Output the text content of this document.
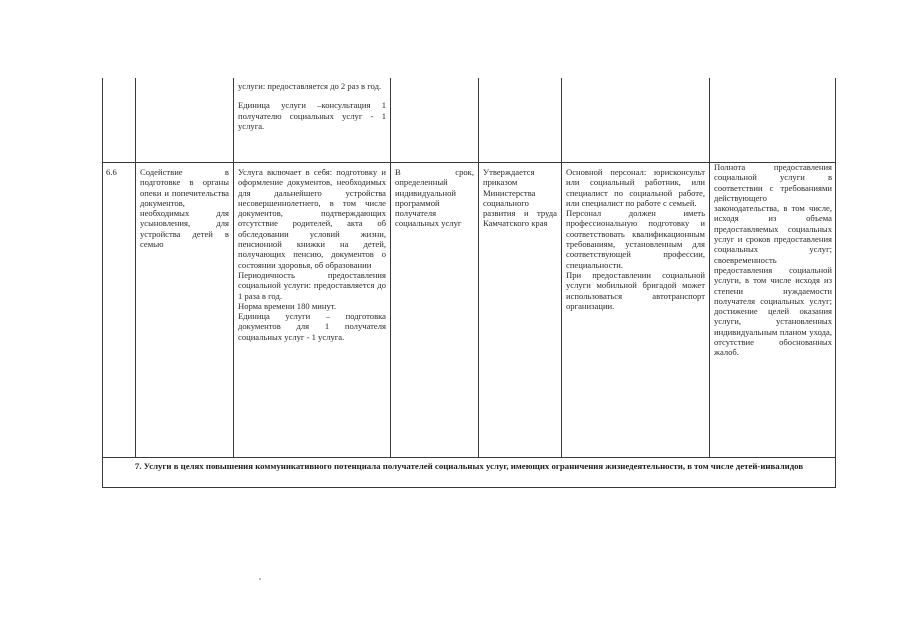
услуги: предоставляется до 2 раз в год.

Единица услуги –консультация 1 получателю социальных услуг - 1 услуга.

6.6	Содействие в подготовке в органы опеки и попечительства документов, необходимых для усыновления, для устройства детей в семью

Услуга включает в себя: подготовку и оформление документов, необходимых для дальнейшего устройства несовершеннолетнего, в том числе документов, подтверждающих отсутствие родителей, акта об обследовании условий жизни, пенсионной книжки на детей, получающих пенсию, документов о состоянии здоровья, об образовании

Периодичность предоставления социальной услуги: предоставляется до 1 раза в год.

Норма времени 180 минут.

Единица услуги – подготовка документов для 1 получателя социальных услуг - 1 услуга.

В срок, определенный индивидуальной программой получателя социальных услуг
Утверждается приказом Министерства социального развития и труда Камчатского края

Основной персонал: юрисконсульт или социальный работник, или специалист по социальной работе, или специалист по работе с семьей.

Персонал должен иметь профессиональную подготовку и соответствовать квалификационным требованиям, установленным для соответствующей профессии, специальности.

При предоставлении социальной услуги мобильной бригадой может использоваться автотранспорт организации.

Полнота предоставления социальной услуги в соответствии с требованиями действующего законодательства, в том числе, исходя из объема предоставляемых социальных услуг и сроков предоставления социальных услуг; своевременность предоставления социальной услуги, в том числе исходя из степени нуждаемости получателя социальных услуг; достижение целей оказания услуги, установленных индивидуальным планом ухода, отсутствие обоснованных жалоб.
7. Услуги в целях повышения коммуникативного потенциала получателей социальных услуг, имеющих ограничения жизнедеятельности, в том числе детей-инвалидов
